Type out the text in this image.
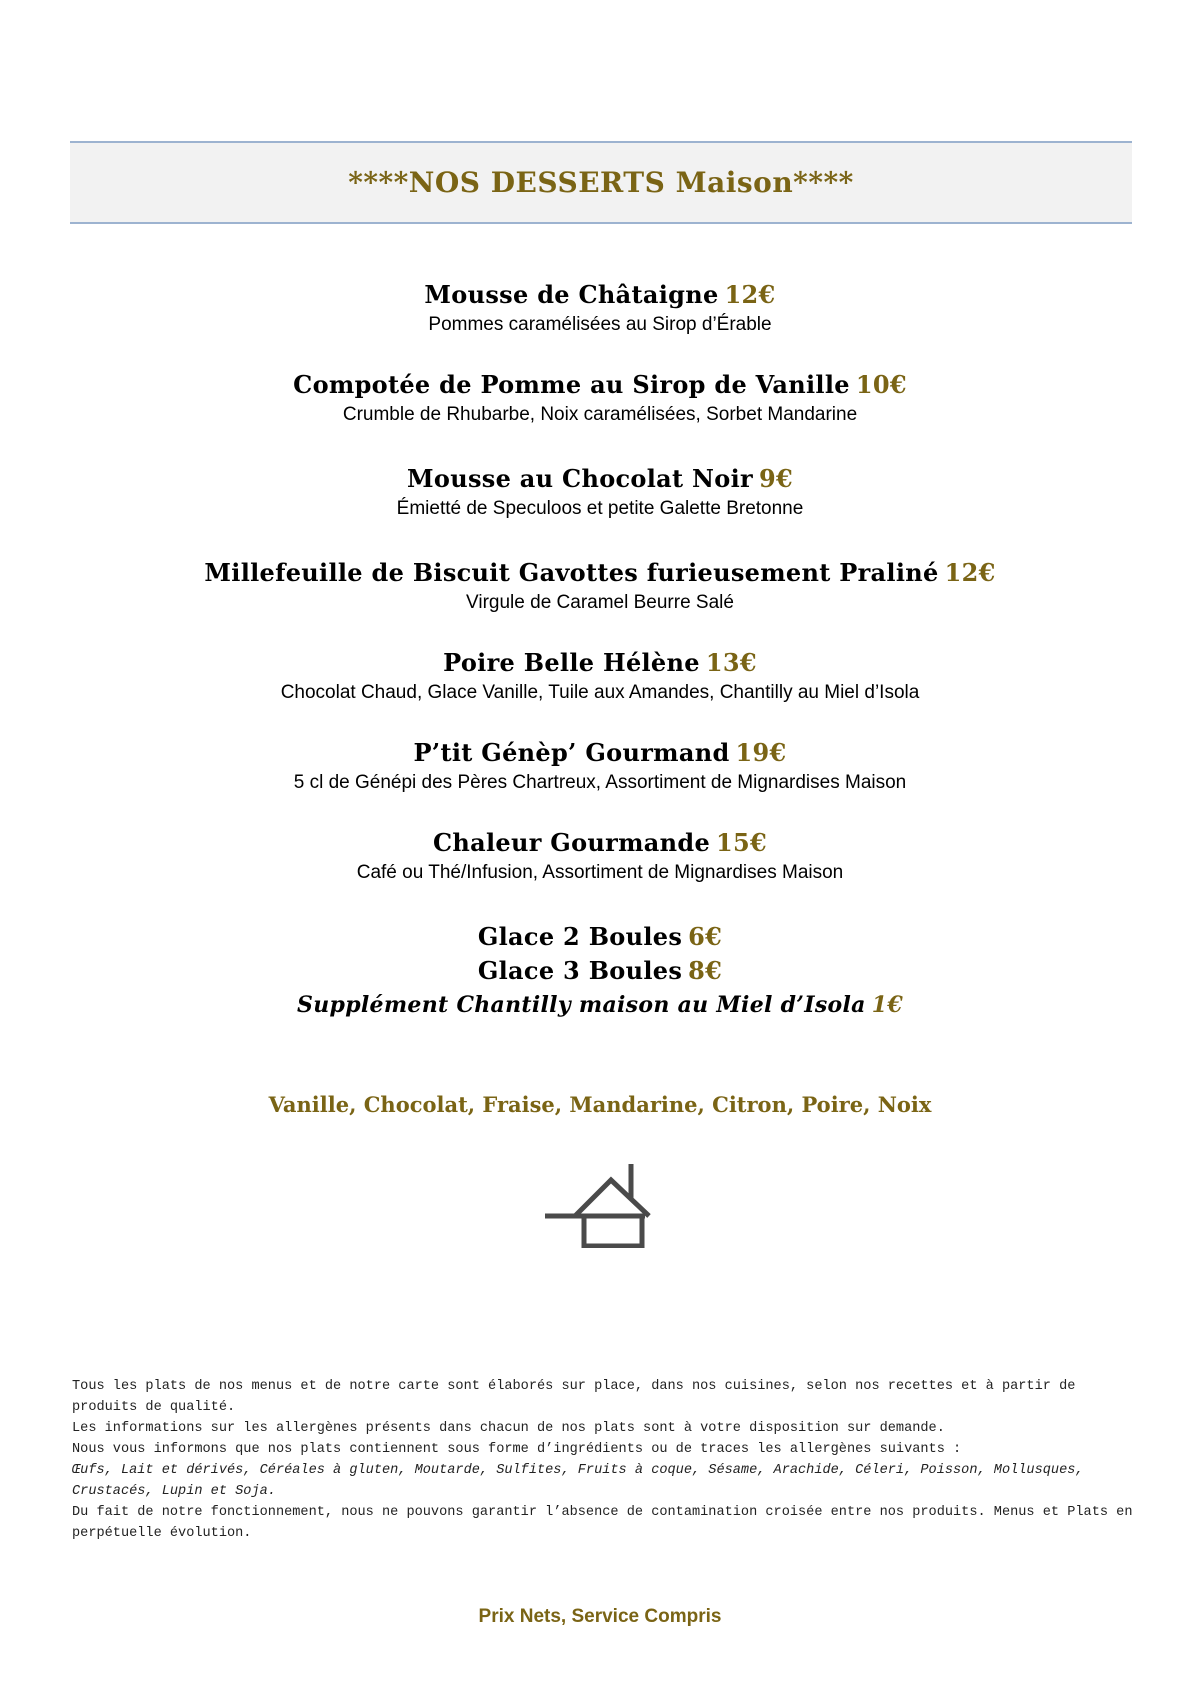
****NOS DESSERTS Maison****
Mousse de Châtaigne 12€
Pommes caramélisées au Sirop d’Érable
Compotée de Pomme au Sirop de Vanille 10€
Crumble de Rhubarbe, Noix caramélisées, Sorbet Mandarine
Mousse au Chocolat Noir 9€
Émietté de Speculoos et petite Galette Bretonne
Millefeuille de Biscuit Gavottes furieusement Praliné 12€
Virgule de Caramel Beurre Salé
Poire Belle Hélène 13€
Chocolat Chaud, Glace Vanille, Tuile aux Amandes, Chantilly au Miel d’Isola
P’tit Génèp’ Gourmand 19€
5 cl de Génépi des Pères Chartreux, Assortiment de Mignardises Maison
Chaleur Gourmande 15€
Café ou Thé/Infusion, Assortiment de Mignardises Maison
Glace 2 Boules 6€
Glace 3 Boules 8€
Supplément Chantilly maison au Miel d’Isola 1€
Vanille, Chocolat, Fraise, Mandarine, Citron, Poire, Noix

Tous les plats de nos menus et de notre carte sont élaborés sur place, dans nos cuisines, selon nos recettes et à partir de produits de qualité.

Les informations sur les allergènes présents dans chacun de nos plats sont à votre disposition sur demande.

Nous vous informons que nos plats contiennent sous forme d’ingrédients ou de traces les allergènes suivants :

Œufs, Lait et dérivés, Céréales à gluten, Moutarde, Sulfites, Fruits à coque, Sésame, Arachide, Céleri, Poisson, Mollusques, Crustacés, Lupin et Soja.

Du fait de notre fonctionnement, nous ne pouvons garantir l’absence de contamination croisée entre nos produits. Menus et Plats en perpétuelle évolution.

Prix Nets, Service Compris
